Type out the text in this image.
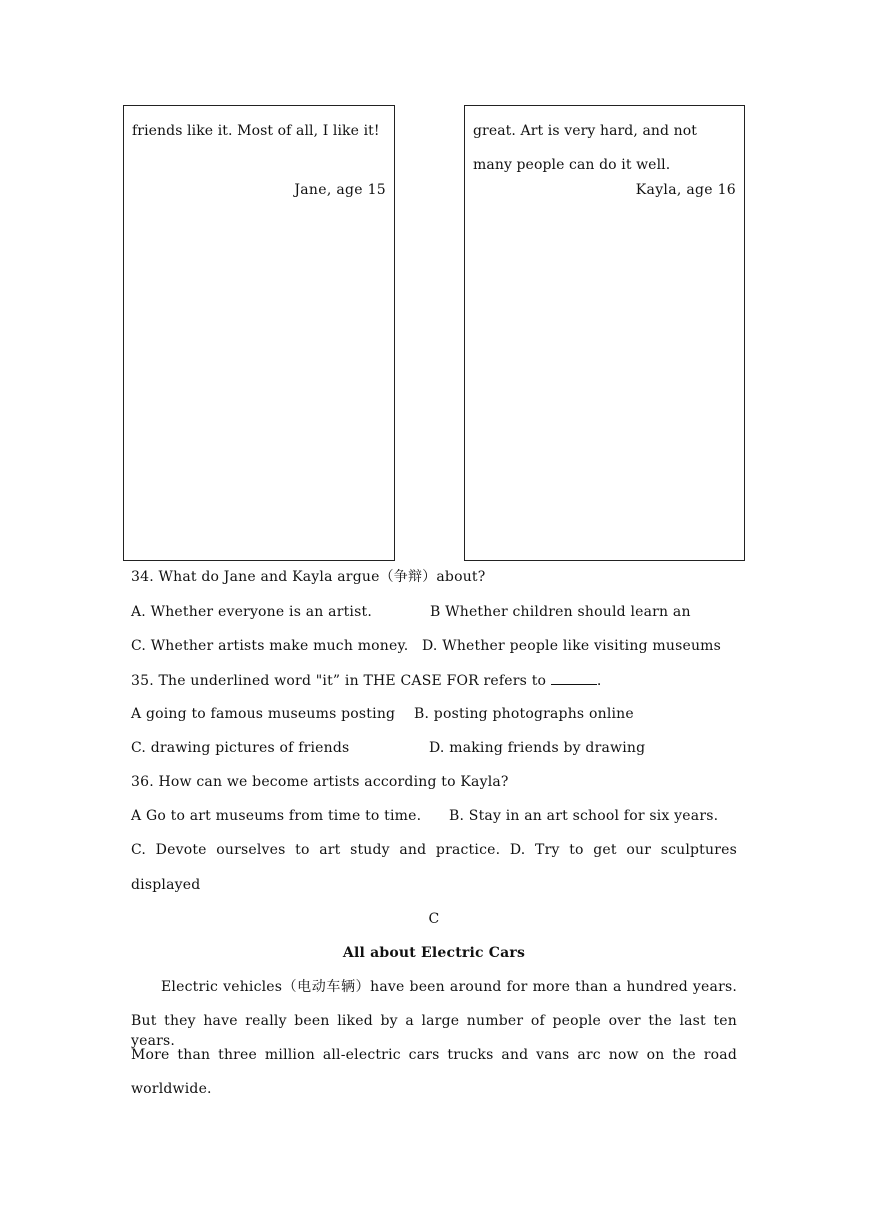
friends like it. Most of all, I like it!
Jane, age 15
great. Art is very hard, and not many people can do it well.
Kayla, age 16
34. What do Jane and Kayla argue（争辩）about?
A. Whether everyone is an artist.	B Whether children should learn an
C. Whether artists make much money. D. Whether people like visiting museums
35. The underlined word "it” in THE CASE FOR refers to	.
A going to famous museums posting	B. posting photographs online
C. drawing pictures of friends	D. making friends by drawing
36. How can we become artists according to Kayla?
A Go to art museums from time to time.	B. Stay in an art school for six years.
C. Devote ourselves to art study and practice. D. Try to get our sculptures
displayed
C
All about Electric Cars
Electric vehicles（电动车辆）have been around for more than a hundred years.
But they have really been liked by a large number of people over the last ten years.
More than three million all-electric cars trucks and vans arc now on the road
worldwide.
